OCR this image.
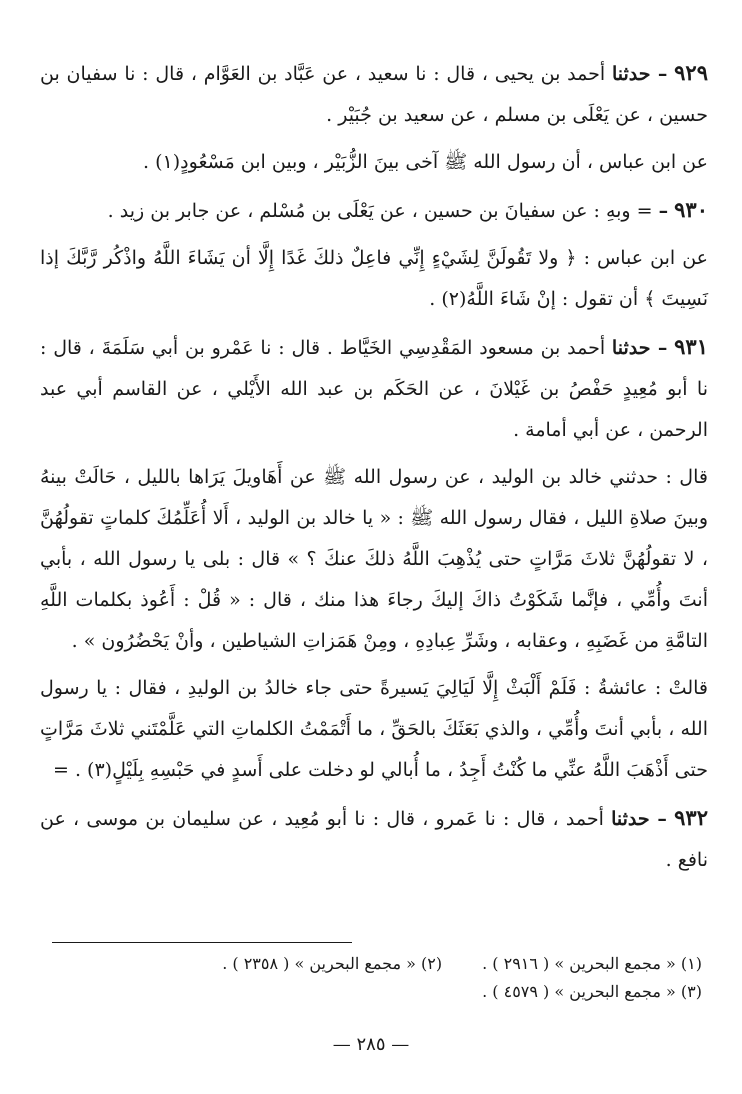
٩٢٩ – حدثنا أحمد بن يحيى ، قال : نا سعيد ، عن عَبَّاد بن العَوَّام ، قال : نا سفيان بن حسين ، عن يَعْلَى بن مسلم ، عن سعيد بن جُبَيْر .

عن ابن عباس ، أن رسول الله ﷺ آخى بينَ الزُّبَيْر ، وبين ابن مَسْعُودٍ(١) .

٩٣٠ – = وبهِ : عن سفيانَ بن حسين ، عن يَعْلَى بن مُسْلم ، عن جابر بن زيد .

عن ابن عباس : ﴿ ولا تَقُولَنَّ لِشَيْءٍ إِنِّي فاعِلٌ ذلكَ غَدًا إِلَّا أن يَشَاءَ اللَّهُ واذْكُر رَّبَّكَ إذا نَسِيتَ ﴾ أن تقول : إنْ شَاءَ اللَّهُ(٢) .

٩٣١ – حدثنا أحمد بن مسعود المَقْدِسِي الخَيَّاط . قال : نا عَمْرو بن أبي سَلَمَةَ ، قال : نا أبو مُعِيدٍ حَفْصُ بن غَيْلانَ ، عن الحَكَم بن عبد الله الأَيْلي ، عن القاسم أبي عبد الرحمن ، عن أبي أمامة .

قال : حدثني خالد بن الوليد ، عن رسول الله ﷺ عن أَهَاويلَ يَرَاها بالليل ، حَالَتْ بينهُ وبينَ صلاةِ الليل ، فقال رسول الله ﷺ : « يا خالد بن الوليد ، أَلا أُعَلِّمُكَ كلماتٍ تقولُهُنَّ ، لا تقولُهُنَّ ثلاثَ مَرَّاتٍ حتى يُذْهِبَ اللَّهُ ذلكَ عنكَ ؟ » قال : بلى يا رسول الله ، بأبي أنتَ وأُمِّي ، فإنَّما شَكَوْتُ ذاكَ إليكَ رجاءَ هذا منك ، قال : « قُلْ : أَعُوذ بكلمات اللَّهِ التامَّةِ من غَضَبِهِ ، وعقابه ، وشَرِّ عِبادِهِ ، ومِنْ هَمَزاتِ الشياطين ، وأنْ يَحْضُرُون » .

قالتْ : عائشةُ : فَلَمْ أَلْبَثْ إِلَّا لَيَالِيَ يَسيرةً حتى جاء خالدُ بن الوليدِ ، فقال : يا رسول الله ، بأبي أنتَ وأُمِّي ، والذي بَعَثَكَ بالحَقِّ ، ما أَتْمَمْتُ الكلماتِ التي عَلَّمْتَني ثلاثَ مَرَّاتٍ حتى أَذْهَبَ اللَّهُ عنِّي ما كُنْتُ أَجِدُ ، ما أُبالي لو دخلت على أَسدٍ في حَبْسِهِ بِلَيْلٍ(٣) . =

٩٣٢ – حدثنا أحمد ، قال : نا عَمرو ، قال : نا أبو مُعِيد ، عن سليمان بن موسى ، عن نافع .

(١) « مجمع البحرين » ( ٢٩١٦ ) .
(٢) « مجمع البحرين » ( ٢٣٥٨ ) .
(٣) « مجمع البحرين » ( ٤٥٧٩ ) .
— ٢٨٥ —
